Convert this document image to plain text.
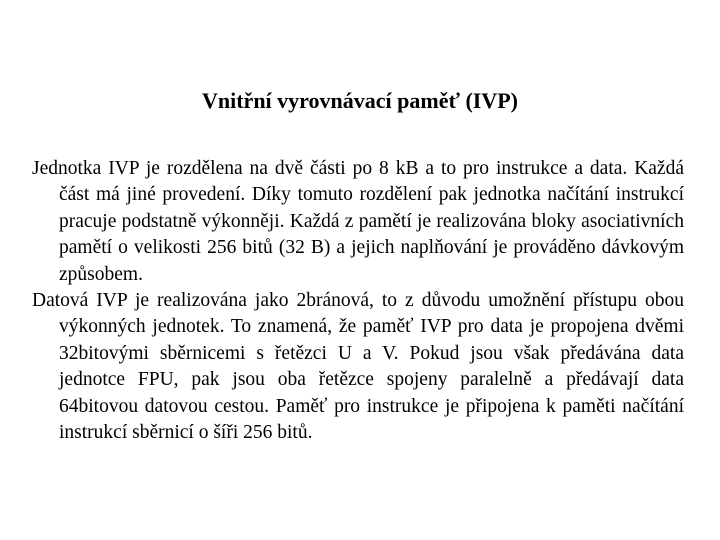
Vnitřní vyrovnávací paměť (IVP)

Jednotka IVP je rozdělena na dvě části po 8 kB a to pro instrukce a data. Každá část má jiné provedení. Díky tomuto rozdělení pak jednotka načítání instrukcí pracuje podstatně výkonněji. Každá z pamětí je realizována bloky asociativních pamětí o velikosti 256 bitů (32 B) a jejich naplňování je prováděno dávkovým způsobem.

Datová IVP je realizována jako 2bránová, to z důvodu umožnění přístupu obou výkonných jednotek. To znamená, že paměť IVP pro data je propojena dvěmi 32bitovými sběrnicemi s řetězci U a V. Pokud jsou však předávána data jednotce FPU, pak jsou oba řetězce spojeny paralelně a předávají data 64bitovou datovou cestou. Paměť pro instrukce je připojena k paměti načítání instrukcí sběrnicí o šíři 256 bitů.
